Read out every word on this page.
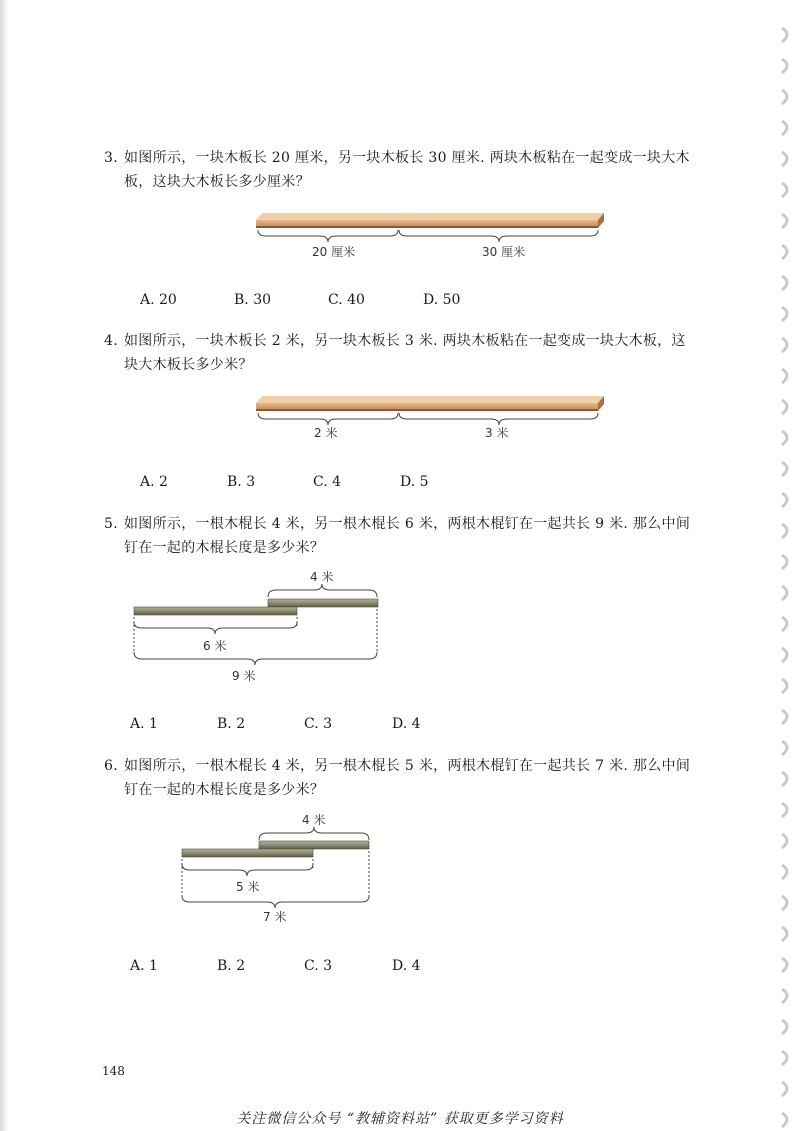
3. 如图所示，一块木板长 20 厘米，另一块木板长 30 厘米. 两块木板粘在一起变成一块大木
板，这块大木板长多少厘米？
20 厘米	30 厘米
2 米	3 米
4 米
6 米
9 米
4 米
5 米
7 米
A. 20	B. 30	C. 40	D. 50
4. 如图所示，一块木板长 2 米，另一块木板长 3 米. 两块木板粘在一起变成一块大木板，这
块大木板长多少米？
A. 2	B. 3	C. 4	D. 5
5. 如图所示，一根木棍长 4 米，另一根木棍长 6 米，两根木棍钉在一起共长 9 米. 那么中间
钉在一起的木棍长度是多少米？
A. 1	B. 2	C. 3	D. 4
6. 如图所示，一根木棍长 4 米，另一根木棍长 5 米，两根木棍钉在一起共长 7 米. 那么中间
钉在一起的木棍长度是多少米？
A. 1	B. 2	C. 3	D. 4
148
关注微信公众号 “教辅资料站” 获取更多学习资料
